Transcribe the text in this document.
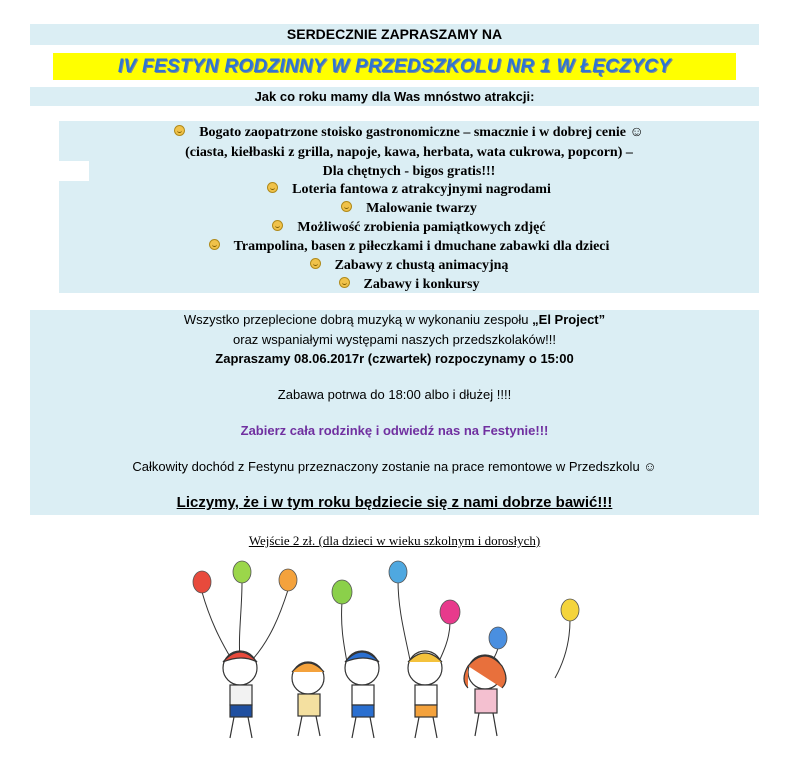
SERDECZNIE ZAPRASZAMY NA
IV FESTYN RODZINNY W PRZEDSZKOLU NR 1 W ŁĘCZYCY
Jak co roku mamy dla Was mnóstwo atrakcji:
Bogato zaopatrzone stoisko gastronomiczne – smacznie i w dobrej cenie ☺
(ciasta, kiełbaski z grilla, napoje, kawa, herbata, wata cukrowa, popcorn) –
Dla chętnych - bigos gratis!!!
Loteria fantowa z atrakcyjnymi nagrodami
Malowanie twarzy
Możliwość zrobienia pamiątkowych zdjęć
Trampolina, basen z piłeczkami i dmuchane zabawki dla dzieci
Zabawy z chustą animacyjną
Zabawy i konkursy
Wszystko przeplecione dobrą muzyką w wykonaniu zespołu „El Project”
oraz wspaniałymi występami naszych przedszkolaków!!!
Zapraszamy 08.06.2017r (czwartek) rozpoczynamy o 15:00
Zabawa potrwa do 18:00 albo i dłużej !!!!
Zabierz cała rodzinkę i odwiedź nas na Festynie!!!
Całkowity dochód z Festynu przeznaczony zostanie na prace remontowe w Przedszkolu ☺
Liczymy, że i w tym roku będziecie się z nami dobrze bawić!!!
Wejście 2 zł. (dla dzieci w wieku szkolnym i dorosłych)
